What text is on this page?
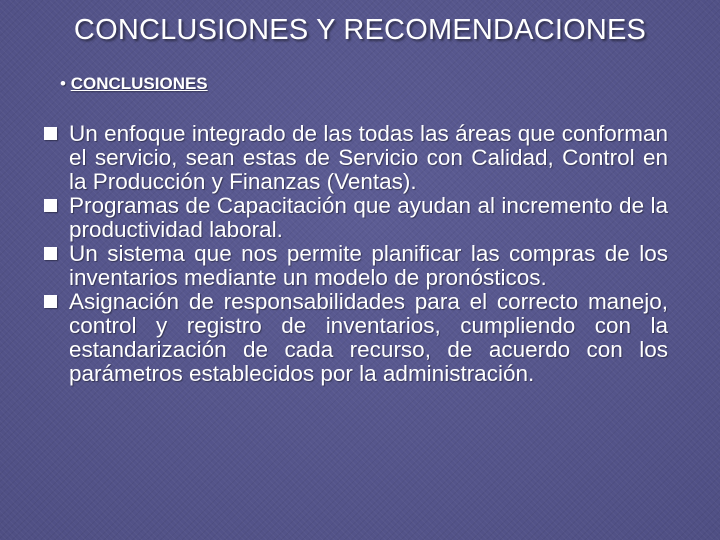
CONCLUSIONES Y RECOMENDACIONES
• CONCLUSIONES
Un enfoque integrado de las todas las áreas que conforman el servicio, sean estas de Servicio con Calidad, Control en la Producción y Finanzas (Ventas).
Programas de Capacitación que ayudan al incremento de la productividad laboral.
Un sistema que nos permite planificar las compras de los inventarios mediante un modelo de pronósticos.
Asignación de responsabilidades para el correcto manejo, control y registro de inventarios, cumpliendo con la estandarización de cada recurso, de acuerdo con los parámetros establecidos por la administración.
